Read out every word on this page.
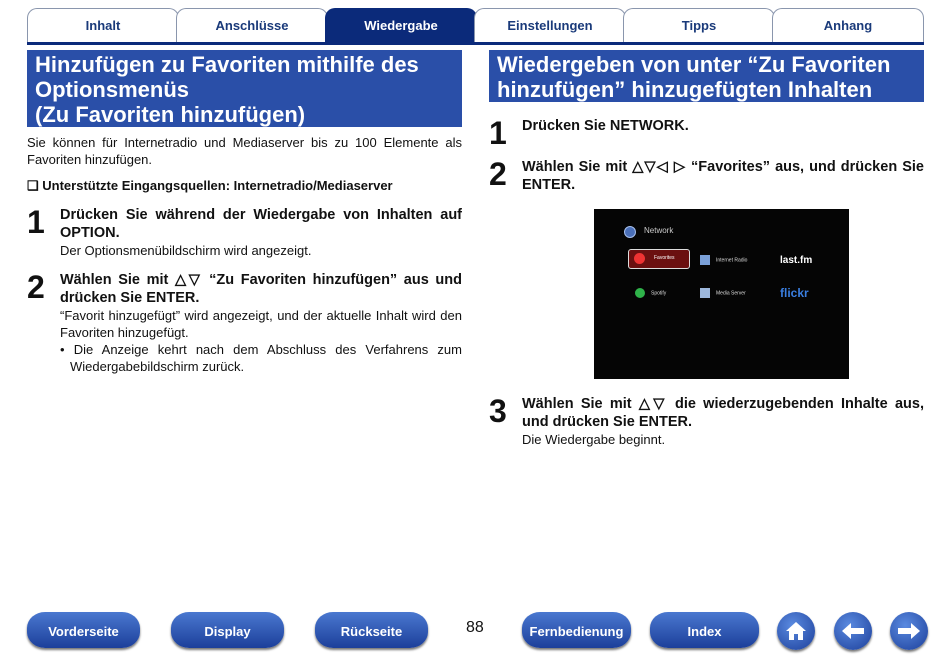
Inhalt	Anschlüsse	Wiedergabe	Einstellungen	Tipps	Anhang
Hinzufügen zu Favoriten mithilfe des
Optionsmenüs
(Zu Favoriten hinzufügen)

Sie können für Internetradio und Mediaserver bis zu 100 Elemente als Favoriten hinzufügen.

❑ Unterstützte Eingangsquellen: Internetradio/Mediaserver

1 Drücken Sie während der Wiedergabe von Inhalten auf OPTION.

Der Optionsmenübildschirm wird angezeigt.

2 Wählen Sie mit △▽ “Zu Favoriten hinzufügen” aus und drücken Sie ENTER.

“Favorit hinzugefügt” wird angezeigt, und der aktuelle Inhalt wird den Favoriten hinzugefügt.

• Die Anzeige kehrt nach dem Abschluss des Verfahrens zum Wiedergabebildschirm zurück.

Wiedergeben von unter “Zu Favoriten
hinzufügen” hinzugefügten Inhalten
1 Drücken Sie NETWORK.

2 Wählen Sie mit △▽◁ ▷ “Favorites” aus, und drücken Sie ENTER.

Network
Favorites	Internet Radio
Spotify	Media Server
last.fm
flickr
3 Wählen Sie mit △▽ die wiederzugebenden Inhalte aus, und drücken Sie ENTER.

Die Wiedergabe beginnt.

Vorderseite	Display	Rückseite	88	Fernbedienung	Index
